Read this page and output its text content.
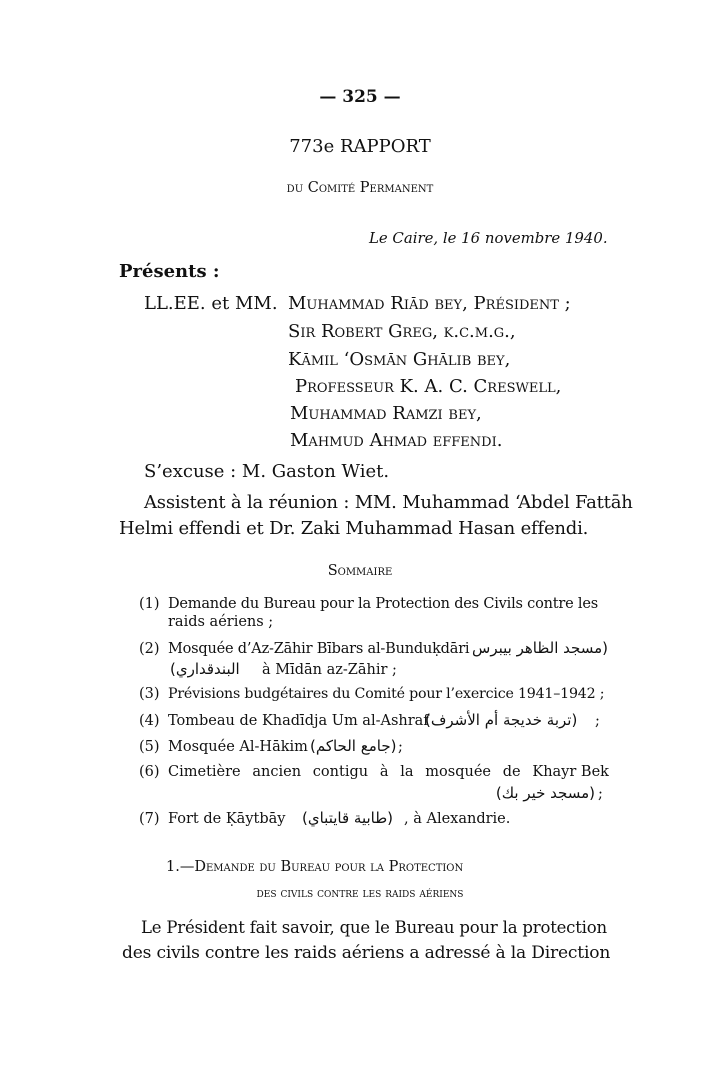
— 325 —
773e RAPPORT
du Comité Permanent
Le Caire, le 16 novembre 1940.
Présents :
LL.EE. et MM. Muhammad Riād bey, Président ;
Sir Robert Greg, k.c.m.g.,
Kāmil ‘Osmān Ghālib bey,
Professeur K. A. C. Creswell,
Muhammad Ramzi bey,
Mahmud Ahmad effendi.
S’excuse : M. Gaston Wiet.
Assistent à la réunion : MM. Muhammad ‘Abdel Fattāh
Helmi effendi et Dr. Zaki Muhammad Hasan effendi.
Sommaire
(1) Demande du Bureau pour la Protection des Civils contre les
raids aériens ;
(2) Mosquée d’Az-Zāhir Bībars al-Bunduḳdāri (مسجد الظاهر بيبرس
البندقداري) à Mīdān az-Zāhir ;
(3) Prévisions budgétaires du Comité pour l’exercice 1941–1942 ;
(4) Tombeau de Khadīdja Um al-Ashraf
(تربة خديجة أم الأشرف) ;
(5) Mosquée Al-Hākim (جامع الحاكم) ;
(6) Cimetière ancien contigu à la mosquée de Khayr Bek
(مسجد خير بك) ;
(7) Fort de Ḳāytbāy (طابية قايتباي) , à Alexandrie.
1.—Demande du Bureau pour la Protection
des civils contre les raids aériens
Le Président fait savoir, que le Bureau pour la protection
des civils contre les raids aériens a adressé à la Direction
